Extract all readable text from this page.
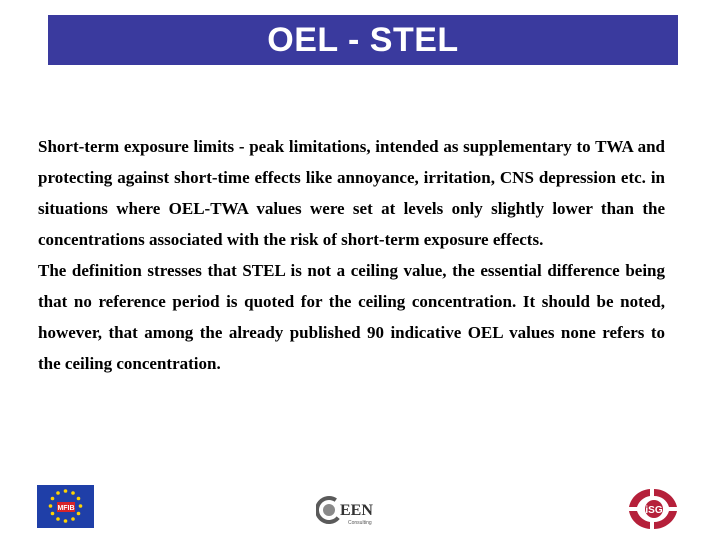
OEL - STEL

Short-term exposure limits - peak limitations, intended as supplementary to TWA and protecting against short-time effects like annoyance, irritation, CNS depression etc. in situations where OEL-TWA values were set at levels only slightly lower than the concentrations associated with the risk of short-term exposure effects.

The definition stresses that STEL is not a ceiling value, the essential difference being that no reference period is quoted for the ceiling concentration. It should be noted, however, that among the already published 90 indicative OEL values none refers to the ceiling concentration.

MFIB	EEN
Consulting
iSG
